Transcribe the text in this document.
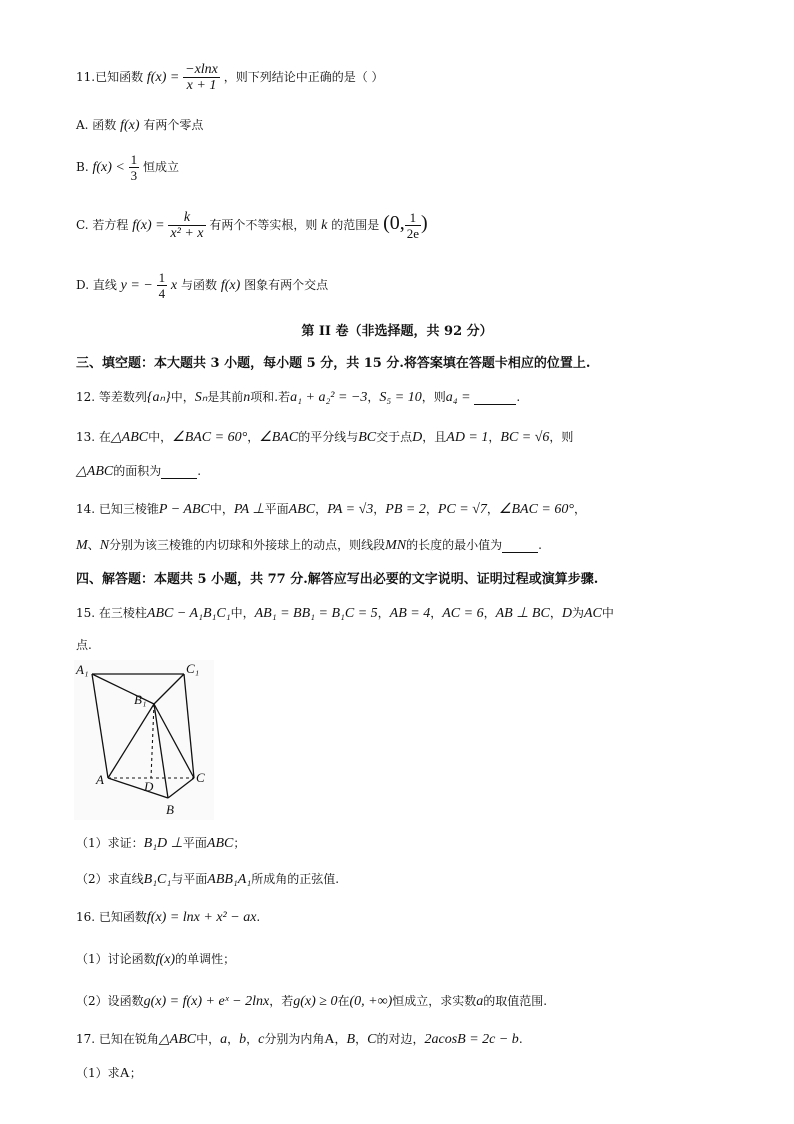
11.已知函数 $f(x) = \frac{-xlnx}{x + 1}$ ，则下列结论中正确的是（ ）
A. 函数 f(x) 有两个零点
B. $f(x) < \frac{1}{3}$ 恒成立
C. 若方程 $f(x) = \frac{k}{\text{x² + x}}$ 有两个不等实根，则 k 的范围是 (0, $\frac{1}{2e}$ )
D. 直线 y = − $\frac{1}{4}$ x 与函数 f(x) 图象有两个交点
第 II 卷（非选择题，共 92 分）
三、填空题：本大题共 3 小题，每小题 5 分，共 15 分.将答案填在答题卡相应的位置上.
12. 等差数列{aₙ}中，Sₙ是其前n项和.若a₁ + a₂² = −3，S₅ = 10，则a₄ =	.
13. 在△ABC中，∠BAC = 60°，∠BAC的平分线与BC交于点D，且AD = 1，BC = √6，则
△ABC的面积为	.
14. 已知三棱锥P − ABC中，PA ⊥平面ABC，PA = √3，PB = 2，PC = √7，∠BAC = 60°，
M、N分别为该三棱锥的内切球和外接球上的动点，则线段MN的长度的最小值为	.
四、解答题：本题共 5 小题，共 77 分.解答应写出必要的文字说明、证明过程或演算步骤.
15. 在三棱柱ABC − A₁B₁C₁中，AB₁ = BB₁ = B₁C = 5，AB = 4，AC = 6，AB ⊥ BC，D为AC中
点.
A₁	C₁
B₁
A	D
C
B
（1）求证：B₁D ⊥平面ABC；
（2）求直线B₁C₁与平面ABB₁A₁所成角的正弦值.
16. 已知函数f(x) = lnx + x² − ax.
（1）讨论函数f(x)的单调性；
（2）设函数g(x) = f(x) + eˣ − 2lnx，若g(x) ≥ 0在(0, +∞)恒成立，求实数a的取值范围.
17. 已知在锐角△ABC中，a，b，c分别为内角A，B，C的对边，2acosB = 2c − b.
（1）求A；
